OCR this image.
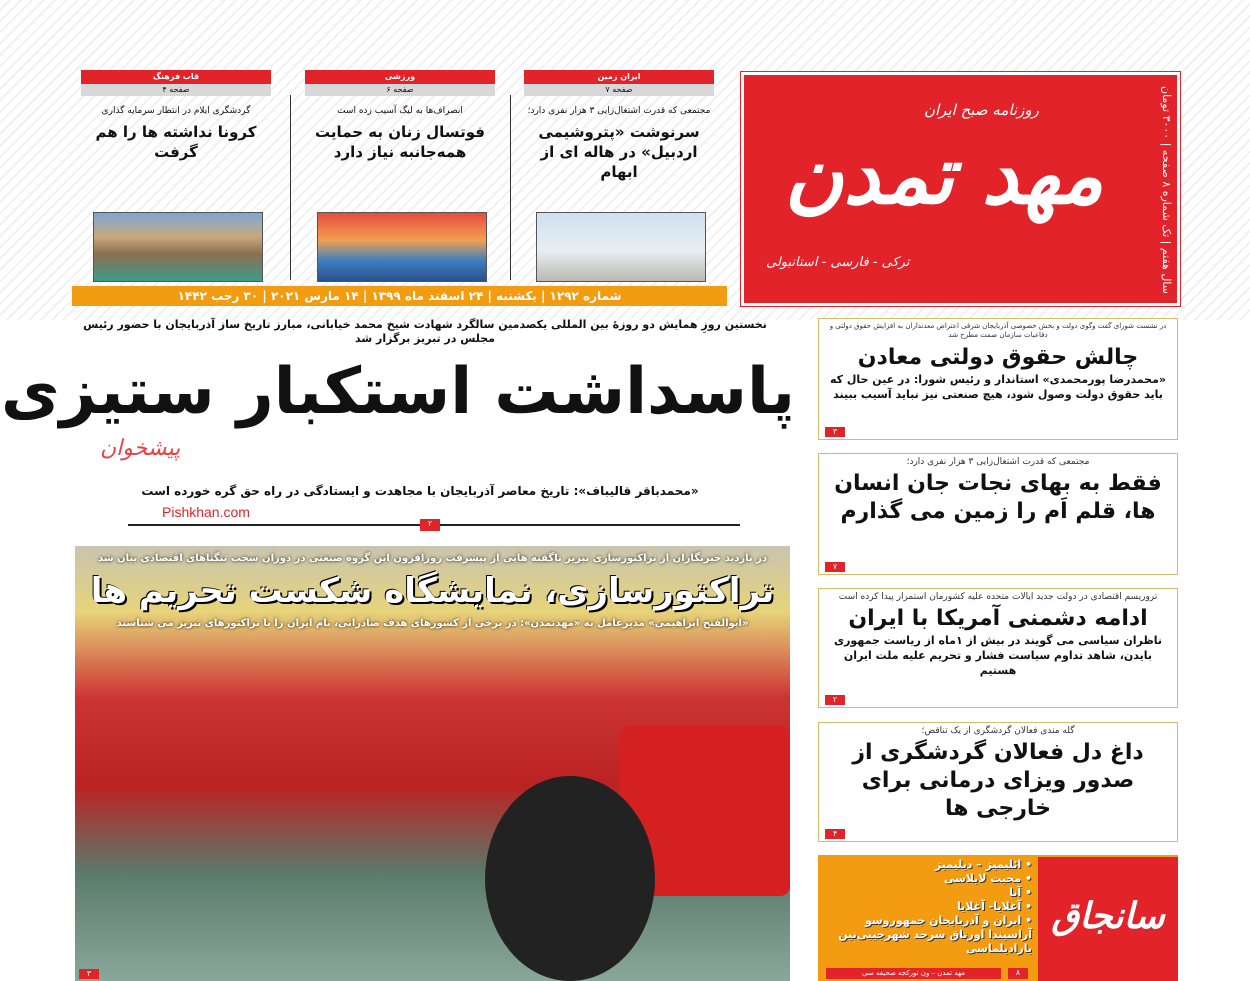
روزنامه صبح ایران
مهد تمدن
ترکی - فارسی - استانبولی
سال هفتم | تک شماره ۸ صفحه | ۳۰۰۰ تومان
ایران زمین
صفحه ۷
مجتمعی که قدرت اشتغال‌زایی ۳ هزار نفری دارد؛
سرنوشت «پتروشیمی اردبیل» در هاله ای از ابهام
ورزشی
صفحه ۶
انصراف‌ها به لیگ آسیب زده است
فوتسال زنان به حمایت همه‌جانبه نیاز دارد
قاب فرهنگ
صفحه ۴
گردشگری ایلام در انتظار سرمایه گذاری
کرونا نداشته ها را هم گرفت
شماره ۱۲۹۲ | یکشنبه | ۲۴ اسفند ماه ۱۳۹۹ | ۱۴ مارس ۲۰۲۱ | ۳۰ رجب ۱۴۴۲
نخستین روزِ همایش دو روزهٔ بین المللی یکصدمین سالگرد شهادت شیخ محمد خیابانی، مبارز تاریخ ساز آذربایجان با حضور رئیس مجلس در تبریز برگزار شد
پاسداشت استکبار ستیزی
پیشخوان
«محمدباقر قالیباف»: تاریخ معاصر آذربایجان با مجاهدت و ایستادگی در راه حق گره خورده است
Pishkhan.com
۲
در بازدید خبرنگاران از تراکتورسازی تبریز ناگفته هایی از پیشرفت روزافزون این گروه صنعتی در دوران سخت تنگناهای اقتصادی بیان شد
تراکتورسازی، نمایشگاه شکست تحریم ها
«ابوالفتح ابراهیمی» مدیرعامل به «مهدتمدن»: در برخی از کشورهای هدف صادراتی، نام ایران را با تراکتورهای تبریز می شناسند
۳
در نشست شورای گفت وگوی دولت و بخش خصوصی آذربایجان شرقی اعتراض معدنداران به افزایش حقوق دولتی و دفاعیات سازمان صمت مطرح شد
چالش حقوق دولتی معادن
«محمدرضا پورمحمدی» استاندار و رئیس شورا: در عین حال که باید حقوق دولت وصول شود، هیچ صنعتی نیز نباید آسیب ببیند
۳
مجتمعی که قدرت اشتغال‌زایی ۳ هزار نفری دارد؛
فقط به بهای نجات جان انسان ها، قلم اَم را زمین می گذارم
۷
تروریسم اقتصادی در دولت جدید ایالات متحده علیه کشورمان استمرار پیدا کرده است
ادامه دشمنی آمریکا با ایران
ناظران سیاسی می گویند در بیش از ۱ماه از ریاست جمهوری بایدن، شاهد تداوم سیاست فشار و تحریم علیه ملت ایران هستیم
۲
گله مندی فعالان گردشگری از یک تناقض؛
داغ دل فعالان گردشگری از صدور ویزای درمانی برای خارجی ها
۴
سانجاق
• ائلیمیز – دیلیمیز
• محبت لایلاسی
• آنا
• آغلایا- آغلایا
• ایران و آذربایجان جمهوروسو آراسیندا اورتاق سرحد شهرجیبی‌نین یارادیلماسی
مهد تمدن – ون تورکجه صحیفه سی	۸
